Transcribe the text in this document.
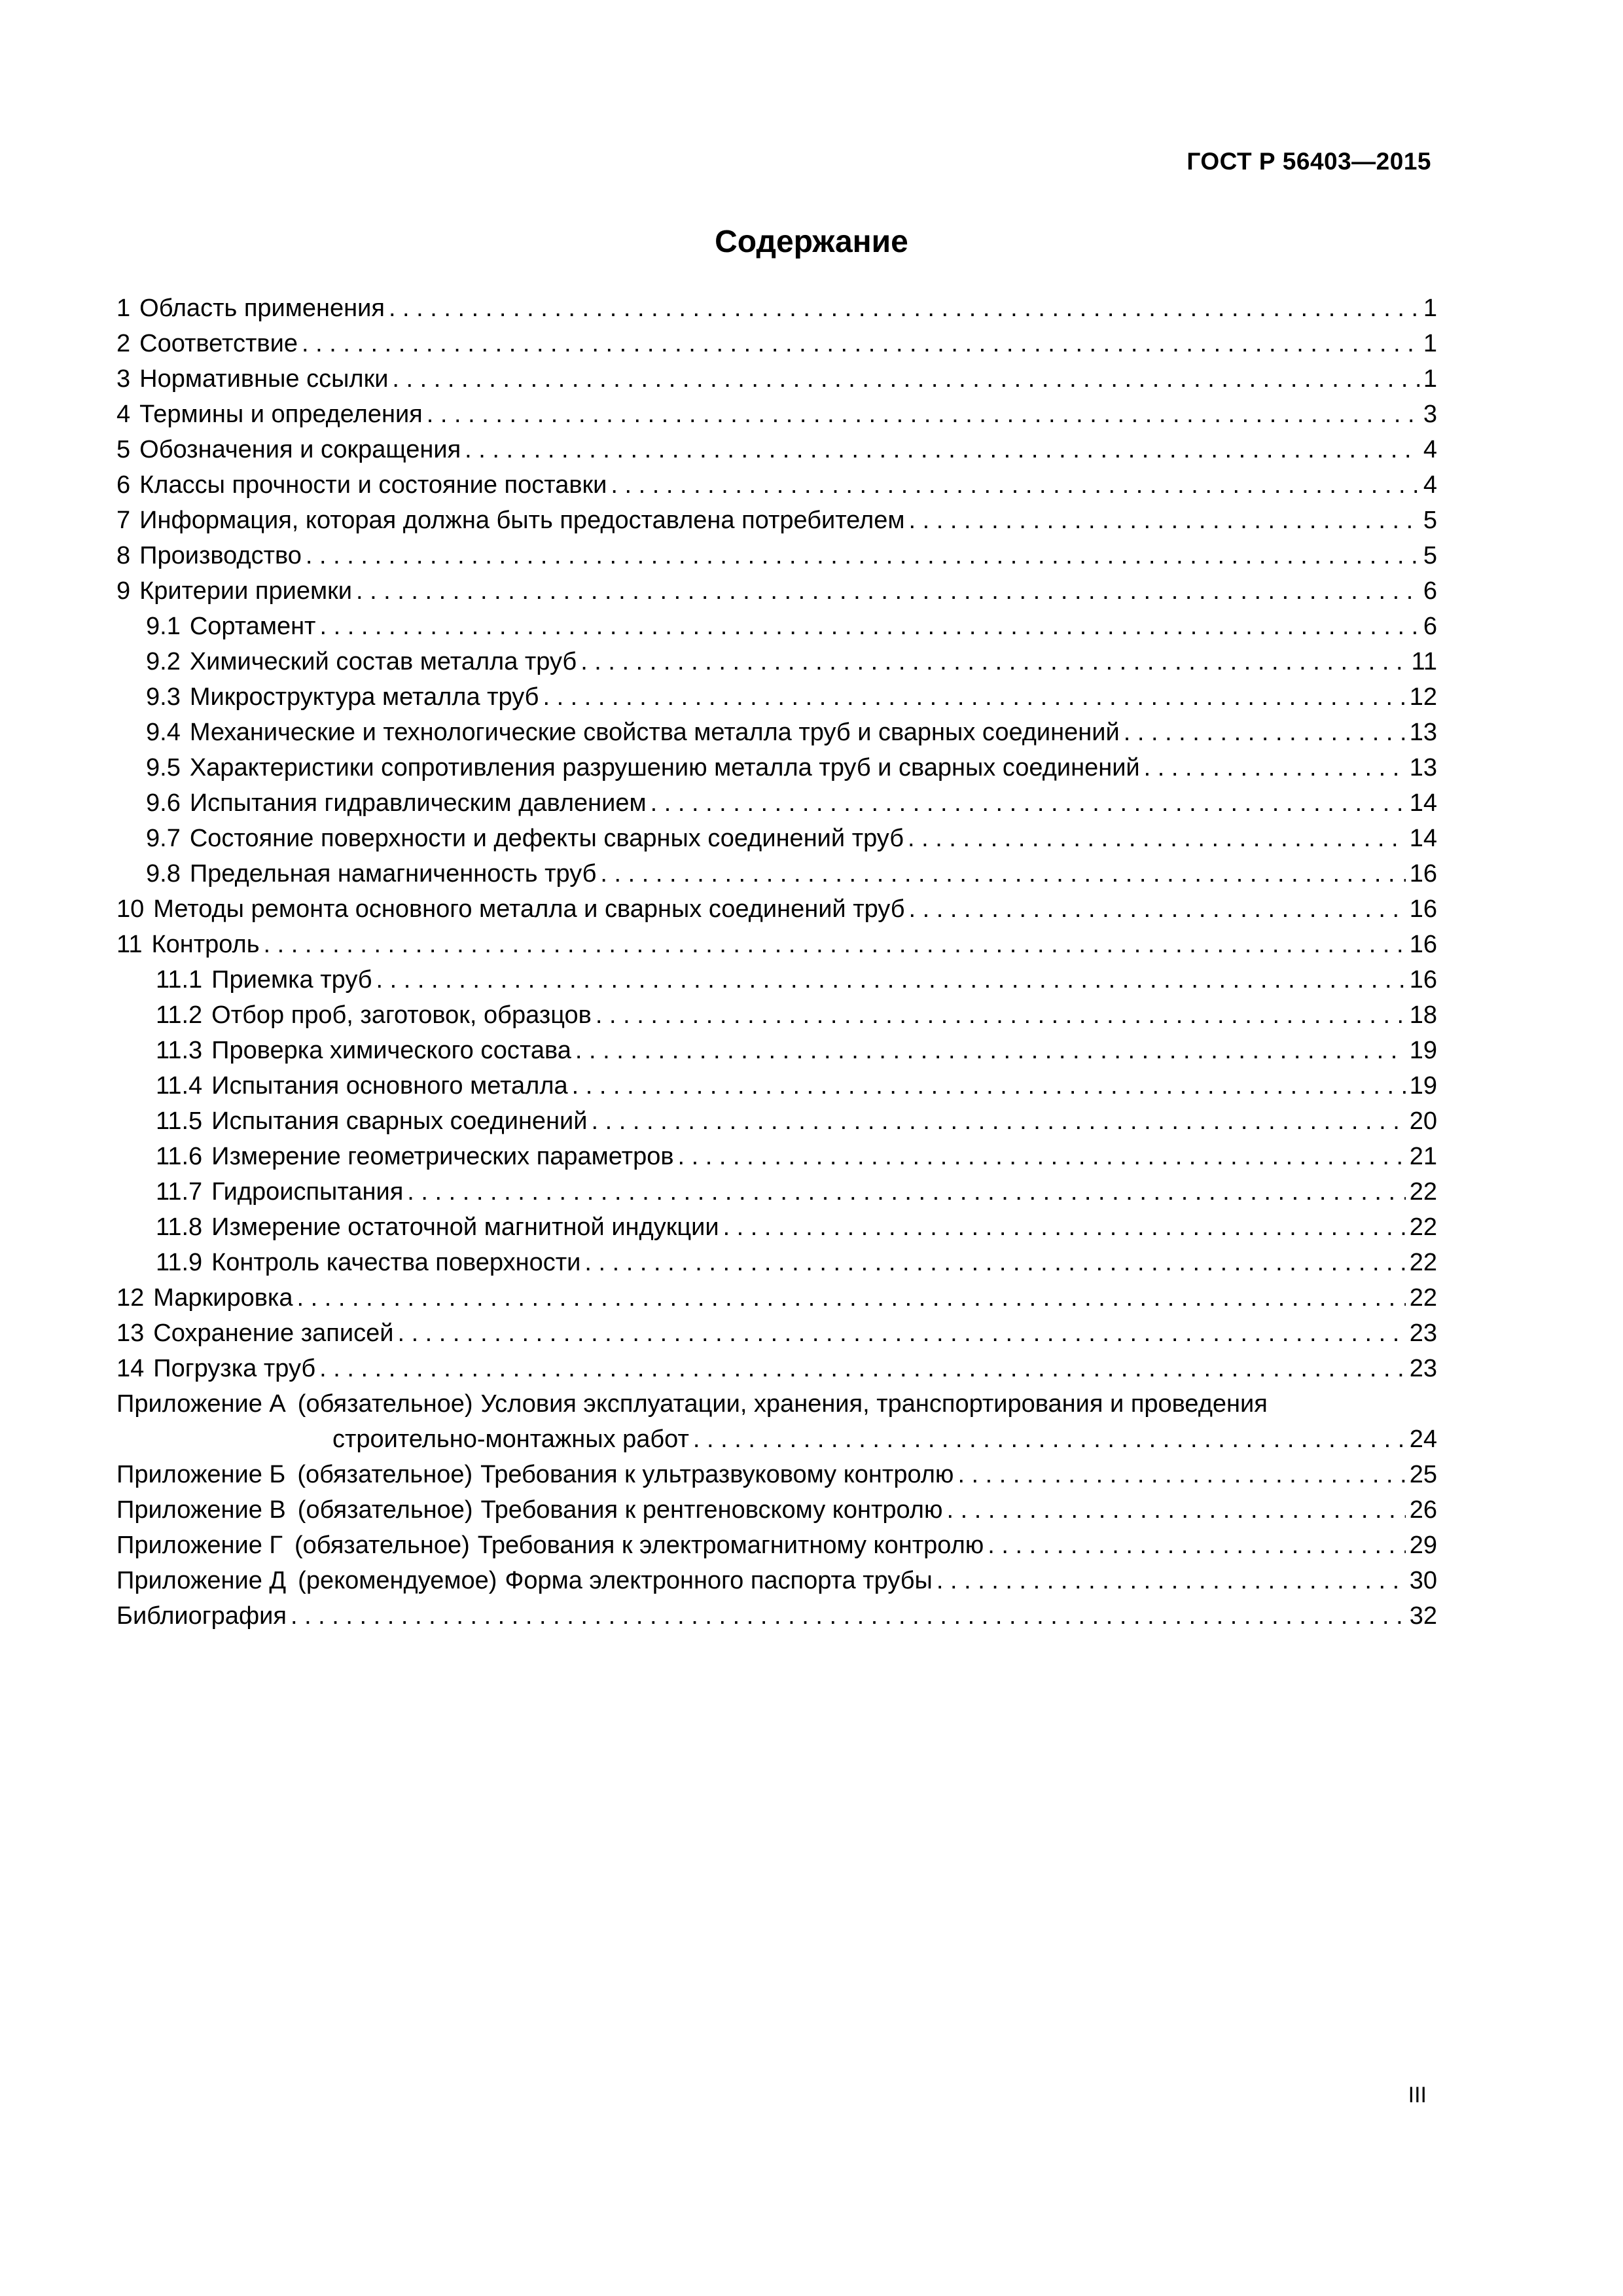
ГОСТ Р 56403—2015
Содержание
1 Область применения . . .	1
2 Соответствие . . .	1
3 Нормативные ссылки . . .	1
4 Термины и определения . . .	3
5 Обозначения и сокращения . . .	4
6 Классы прочности и состояние поставки . . .	4
7 Информация, которая должна быть предоставлена потребителем . . .	5
8 Производство . . .	5
9 Критерии приемки . . .	6
9.1 Сортамент . . .	6
9.2 Химический состав металла труб . . .	11
9.3 Микроструктура металла труб . . .	12
9.4 Механические и технологические свойства металла труб и сварных соединений . . .	13
9.5 Характеристики сопротивления разрушению металла труб и сварных соединений . . .	13
9.6 Испытания гидравлическим давлением . . .	14
9.7 Состояние поверхности и дефекты сварных соединений труб . . .	14
9.8 Предельная намагниченность труб . . .	16
10 Методы ремонта основного металла и сварных соединений труб . . .	16
11 Контроль . . .	16
11.1 Приемка труб . . .	16
11.2 Отбор проб, заготовок, образцов . . .	18
11.3 Проверка химического состава . . .	19
11.4 Испытания основного металла . . .	19
11.5 Испытания сварных соединений . . .	20
11.6 Измерение геометрических параметров . . .	21
11.7 Гидроиспытания . . .	22
11.8 Измерение остаточной магнитной индукции . . .	22
11.9 Контроль качества поверхности . . .	22
12 Маркировка . . .	22
13 Сохранение записей . . .	23
14 Погрузка труб . . .	23
Приложение А (обязательное) Условия эксплуатации, хранения, транспортирования и проведения
строительно-монтажных работ . . .	24
Приложение Б (обязательное) Требования к ультразвуковому контролю . . .	25
Приложение В (обязательное) Требования к рентгеновскому контролю . . .	26
Приложение Г (обязательное) Требования к электромагнитному контролю . . .	29
Приложение Д (рекомендуемое) Форма электронного паспорта трубы . . .	30
Библиография . . .	32
III
